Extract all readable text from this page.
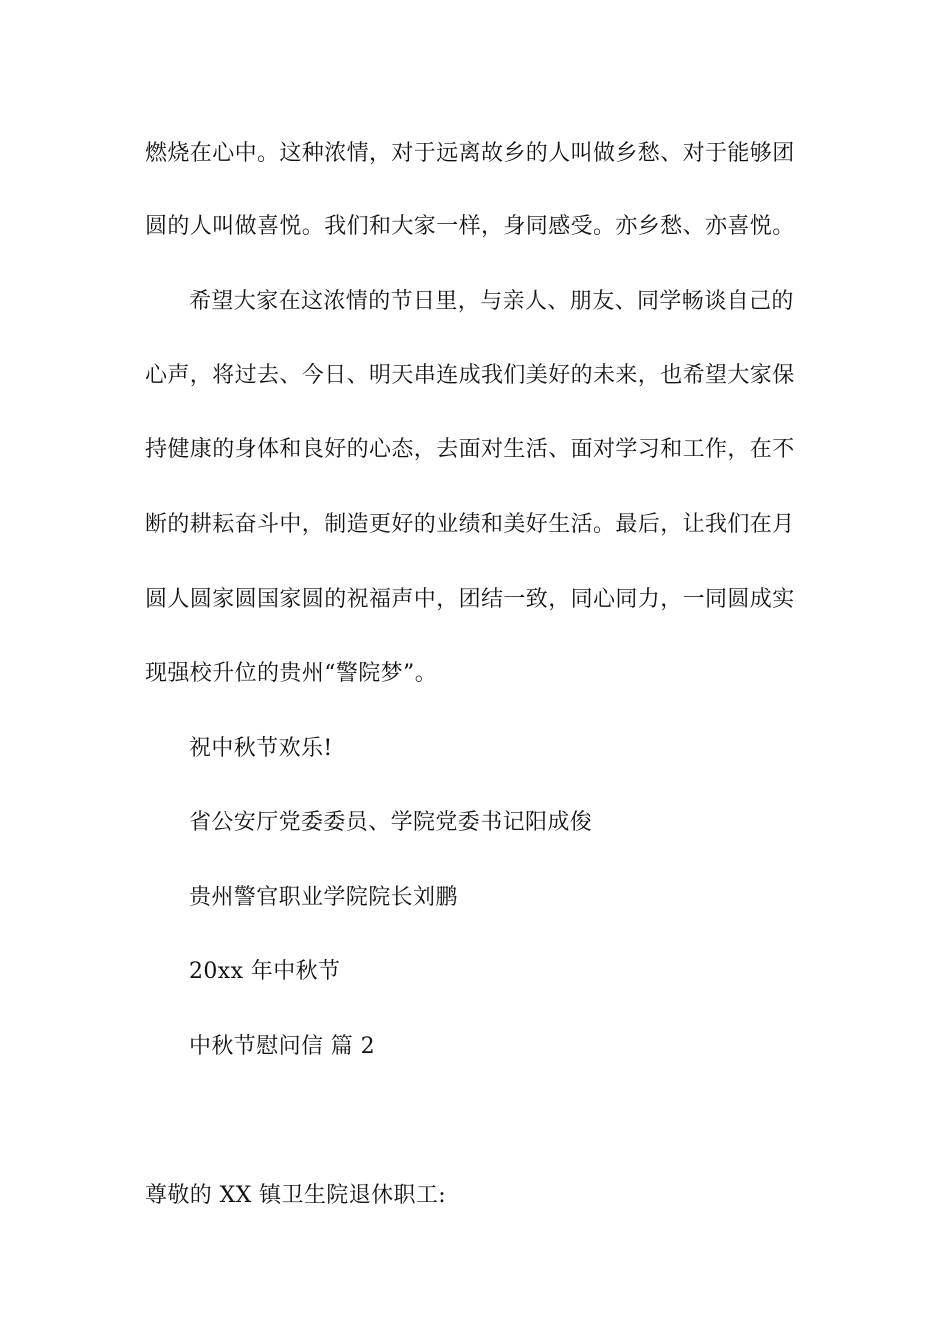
燃烧在心中。这种浓情，对于远离故乡的人叫做乡愁、对于能够团
圆的人叫做喜悦。我们和大家一样，身同感受。亦乡愁、亦喜悦。
希望大家在这浓情的节日里，与亲人、朋友、同学畅谈自己的
心声，将过去、今日、明天串连成我们美好的未来，也希望大家保
持健康的身体和良好的心态，去面对生活、面对学习和工作，在不
断的耕耘奋斗中，制造更好的业绩和美好生活。最后，让我们在月
圆人圆家圆国家圆的祝福声中，团结一致，同心同力，一同圆成实
现强校升位的贵州“警院梦”。
祝中秋节欢乐!
省公安厅党委委员、学院党委书记阳成俊
贵州警官职业学院院长刘鹏
20xx 年中秋节
中秋节慰问信 篇 2
尊敬的 XX 镇卫生院退休职工:
